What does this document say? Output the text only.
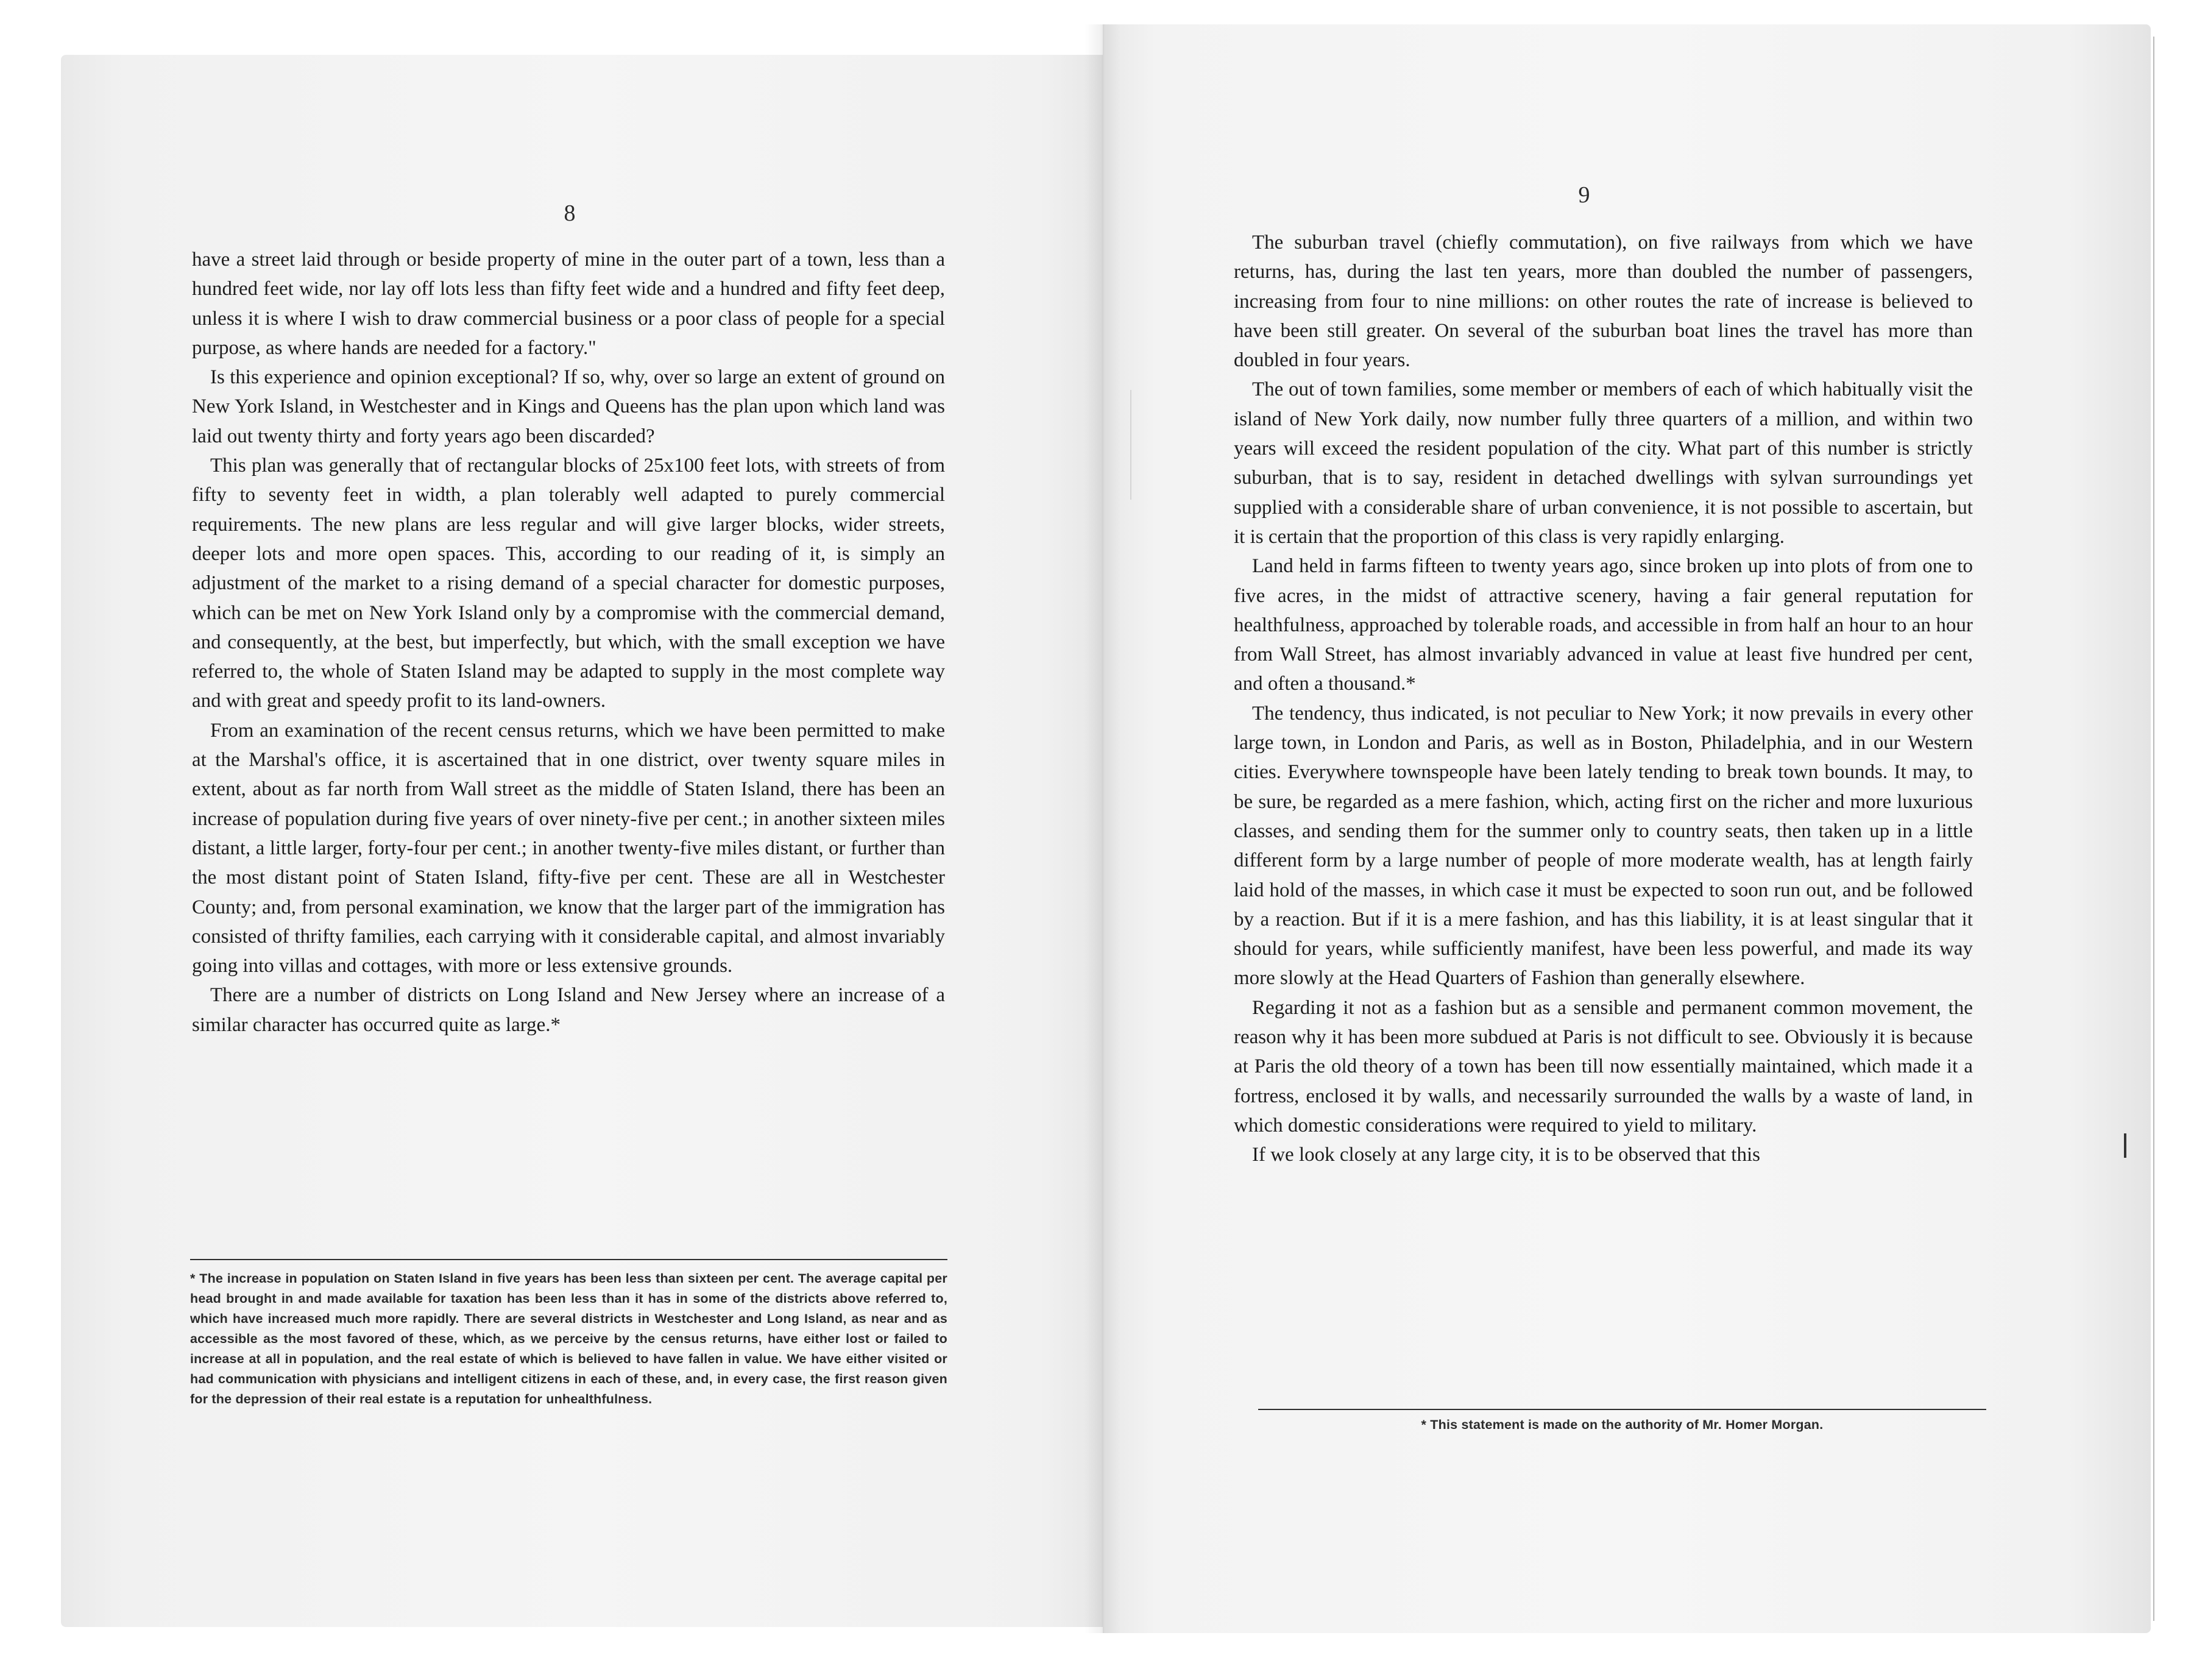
8

have a street laid through or beside property of mine in the outer part of a town, less than a hundred feet wide, nor lay off lots less than fifty feet wide and a hundred and fifty feet deep, unless it is where I wish to draw commercial business or a poor class of people for a special purpose, as where hands are needed for a factory."

Is this experience and opinion exceptional? If so, why, over so large an extent of ground on New York Island, in Westchester and in Kings and Queens has the plan upon which land was laid out twenty thirty and forty years ago been discarded?

This plan was generally that of rectangular blocks of 25x100 feet lots, with streets of from fifty to seventy feet in width, a plan tolerably well adapted to purely commercial requirements. The new plans are less regular and will give larger blocks, wider streets, deeper lots and more open spaces. This, according to our reading of it, is simply an adjustment of the market to a rising demand of a special character for domestic purposes, which can be met on New York Island only by a compromise with the commercial demand, and consequently, at the best, but imperfectly, but which, with the small exception we have referred to, the whole of Staten Island may be adapted to supply in the most complete way and with great and speedy profit to its land-owners.

From an examination of the recent census returns, which we have been permitted to make at the Marshal's office, it is ascertained that in one district, over twenty square miles in extent, about as far north from Wall street as the middle of Staten Island, there has been an increase of population during five years of over ninety-five per cent.; in another sixteen miles distant, a little larger, forty-four per cent.; in another twenty-five miles distant, or further than the most distant point of Staten Island, fifty-five per cent. These are all in Westchester County; and, from personal examination, we know that the larger part of the immigration has consisted of thrifty families, each carrying with it considerable capital, and almost invariably going into villas and cottages, with more or less extensive grounds.

There are a number of districts on Long Island and New Jersey where an increase of a similar character has occurred quite as large.*

* The increase in population on Staten Island in five years has been less than sixteen per cent. The average capital per head brought in and made available for taxation has been less than it has in some of the districts above referred to, which have increased much more rapidly. There are several districts in Westchester and Long Island, as near and as accessible as the most favored of these, which, as we perceive by the census returns, have either lost or failed to increase at all in population, and the real estate of which is believed to have fallen in value. We have either visited or had communication with physicians and intelligent citizens in each of these, and, in every case, the first reason given for the depression of their real estate is a reputation for unhealthfulness.
9

The suburban travel (chiefly commutation), on five railways from which we have returns, has, during the last ten years, more than doubled the number of passengers, increasing from four to nine millions: on other routes the rate of increase is believed to have been still greater. On several of the suburban boat lines the travel has more than doubled in four years.

The out of town families, some member or members of each of which habitually visit the island of New York daily, now number fully three quarters of a million, and within two years will exceed the resident population of the city. What part of this number is strictly suburban, that is to say, resident in detached dwellings with sylvan surroundings yet supplied with a considerable share of urban convenience, it is not possible to ascertain, but it is certain that the proportion of this class is very rapidly enlarging.

Land held in farms fifteen to twenty years ago, since broken up into plots of from one to five acres, in the midst of attractive scenery, having a fair general reputation for healthfulness, approached by tolerable roads, and accessible in from half an hour to an hour from Wall Street, has almost invariably advanced in value at least five hundred per cent, and often a thousand.*

The tendency, thus indicated, is not peculiar to New York; it now prevails in every other large town, in London and Paris, as well as in Boston, Philadelphia, and in our Western cities. Everywhere townspeople have been lately tending to break town bounds. It may, to be sure, be regarded as a mere fashion, which, acting first on the richer and more luxurious classes, and sending them for the summer only to country seats, then taken up in a little different form by a large number of people of more moderate wealth, has at length fairly laid hold of the masses, in which case it must be expected to soon run out, and be followed by a reaction. But if it is a mere fashion, and has this liability, it is at least singular that it should for years, while sufficiently manifest, have been less powerful, and made its way more slowly at the Head Quarters of Fashion than generally elsewhere.

Regarding it not as a fashion but as a sensible and permanent common movement, the reason why it has been more subdued at Paris is not difficult to see. Obviously it is because at Paris the old theory of a town has been till now essentially maintained, which made it a fortress, enclosed it by walls, and necessarily surrounded the walls by a waste of land, in which domestic considerations were required to yield to military.

If we look closely at any large city, it is to be observed that this

* This statement is made on the authority of Mr. Homer Morgan.
